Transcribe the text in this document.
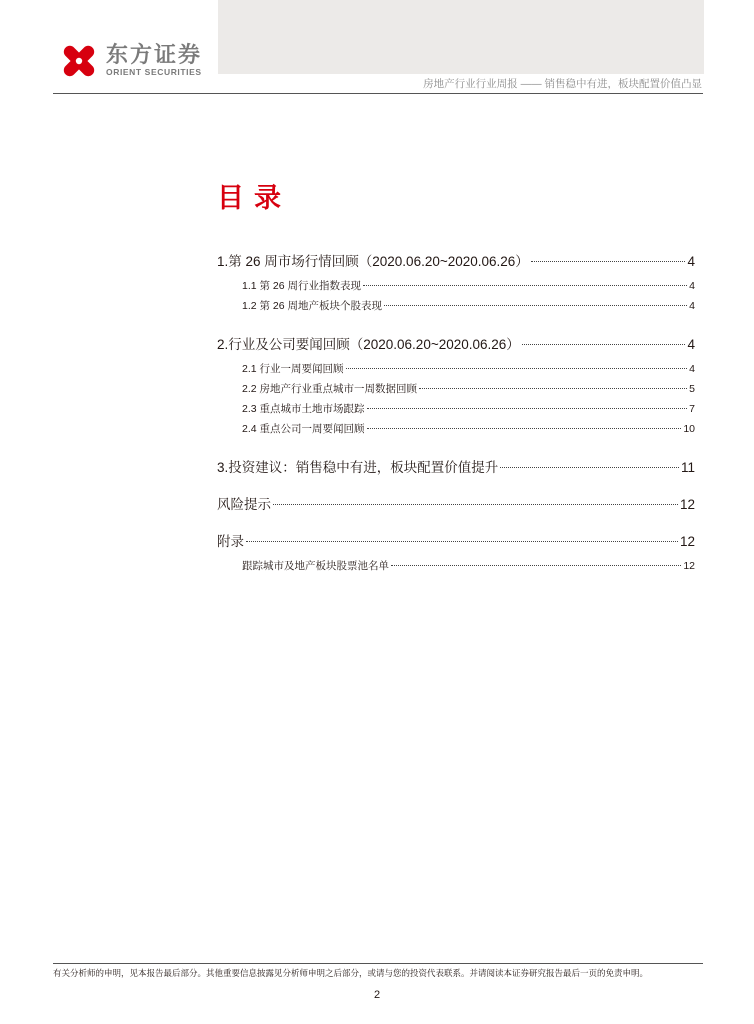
东方证券
ORIENT SECURITIES
房地产行业行业周报 —— 销售稳中有进，板块配置价值凸显
目录
1.第 26 周市场行情回顾（2020.06.20~2020.06.26）	4
1.1 第 26 周行业指数表现	4
1.2 第 26 周地产板块个股表现	4
2.行业及公司要闻回顾（2020.06.20~2020.06.26）	4
2.1 行业一周要闻回顾	4
2.2 房地产行业重点城市一周数据回顾	5
2.3 重点城市土地市场跟踪	7
2.4 重点公司一周要闻回顾	10
3.投资建议：销售稳中有进，板块配置价值提升	11
风险提示	12
附录	12
跟踪城市及地产板块股票池名单	12
有关分析师的申明，见本报告最后部分。其他重要信息披露见分析师申明之后部分，或请与您的投资代表联系。并请阅读本证券研究报告最后一页的免责申明。
2
